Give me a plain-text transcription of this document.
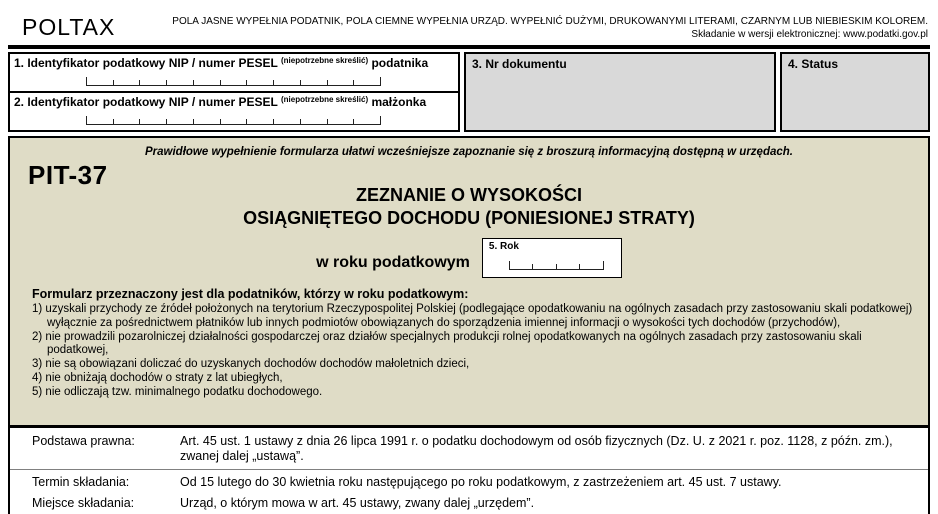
POLTAX	POLA JASNE WYPEŁNIA PODATNIK, POLA CIEMNE WYPEŁNIA URZĄD. WYPEŁNIĆ DUŻYMI, DRUKOWANYMI LITERAMI, CZARNYM LUB NIEBIESKIM KOLOREM.
Składanie w wersji elektronicznej: www.podatki.gov.pl
1. Identyfikator podatkowy NIP / numer PESEL $^{(niepotrzebne skreślić)}$ podatnika
2. Identyfikator podatkowy NIP / numer PESEL $^{(niepotrzebne skreślić)}$ małżonka
3. Nr dokumentu	4. Status
Prawidłowe wypełnienie formularza ułatwi wcześniejsze zapoznanie się z broszurą informacyjną dostępną w urzędach.
PIT-37
ZEZNANIE O WYSOKOŚCI
OSIĄGNIĘTEGO DOCHODU (PONIESIONEJ STRATY)
w roku podatkowym
5. Rok
Formularz przeznaczony jest dla podatników, którzy w roku podatkowym:
1) uzyskali przychody ze źródeł położonych na terytorium Rzeczypospolitej Polskiej (podlegające opodatkowaniu na ogólnych zasadach przy zastosowaniu skali podatkowej) wyłącznie za pośrednictwem płatników lub innych podmiotów obowiązanych do sporządzenia imiennej informacji o wysokości tych dochodów (przychodów),
2) nie prowadzili pozarolniczej działalności gospodarczej oraz działów specjalnych produkcji rolnej opodatkowanych na ogólnych zasadach przy zastosowaniu skali podatkowej,
3) nie są obowiązani doliczać do uzyskanych dochodów dochodów małoletnich dzieci,
4) nie obniżają dochodów o straty z lat ubiegłych,
5) nie odliczają tzw. minimalnego podatku dochodowego.
Podstawa prawna:	Art. 45 ust. 1 ustawy z dnia 26 lipca 1991 r. o podatku dochodowym od osób fizycznych (Dz. U. z 2021 r. poz. 1128, z późn. zm.), zwanej dalej „ustawą”.
Termin składania:	Od 15 lutego do 30 kwietnia roku następującego po roku podatkowym, z zastrzeżeniem art. 45 ust. 7 ustawy.
Miejsce składania:	Urząd, o którym mowa w art. 45 ustawy, zwany dalej „urzędem”.
